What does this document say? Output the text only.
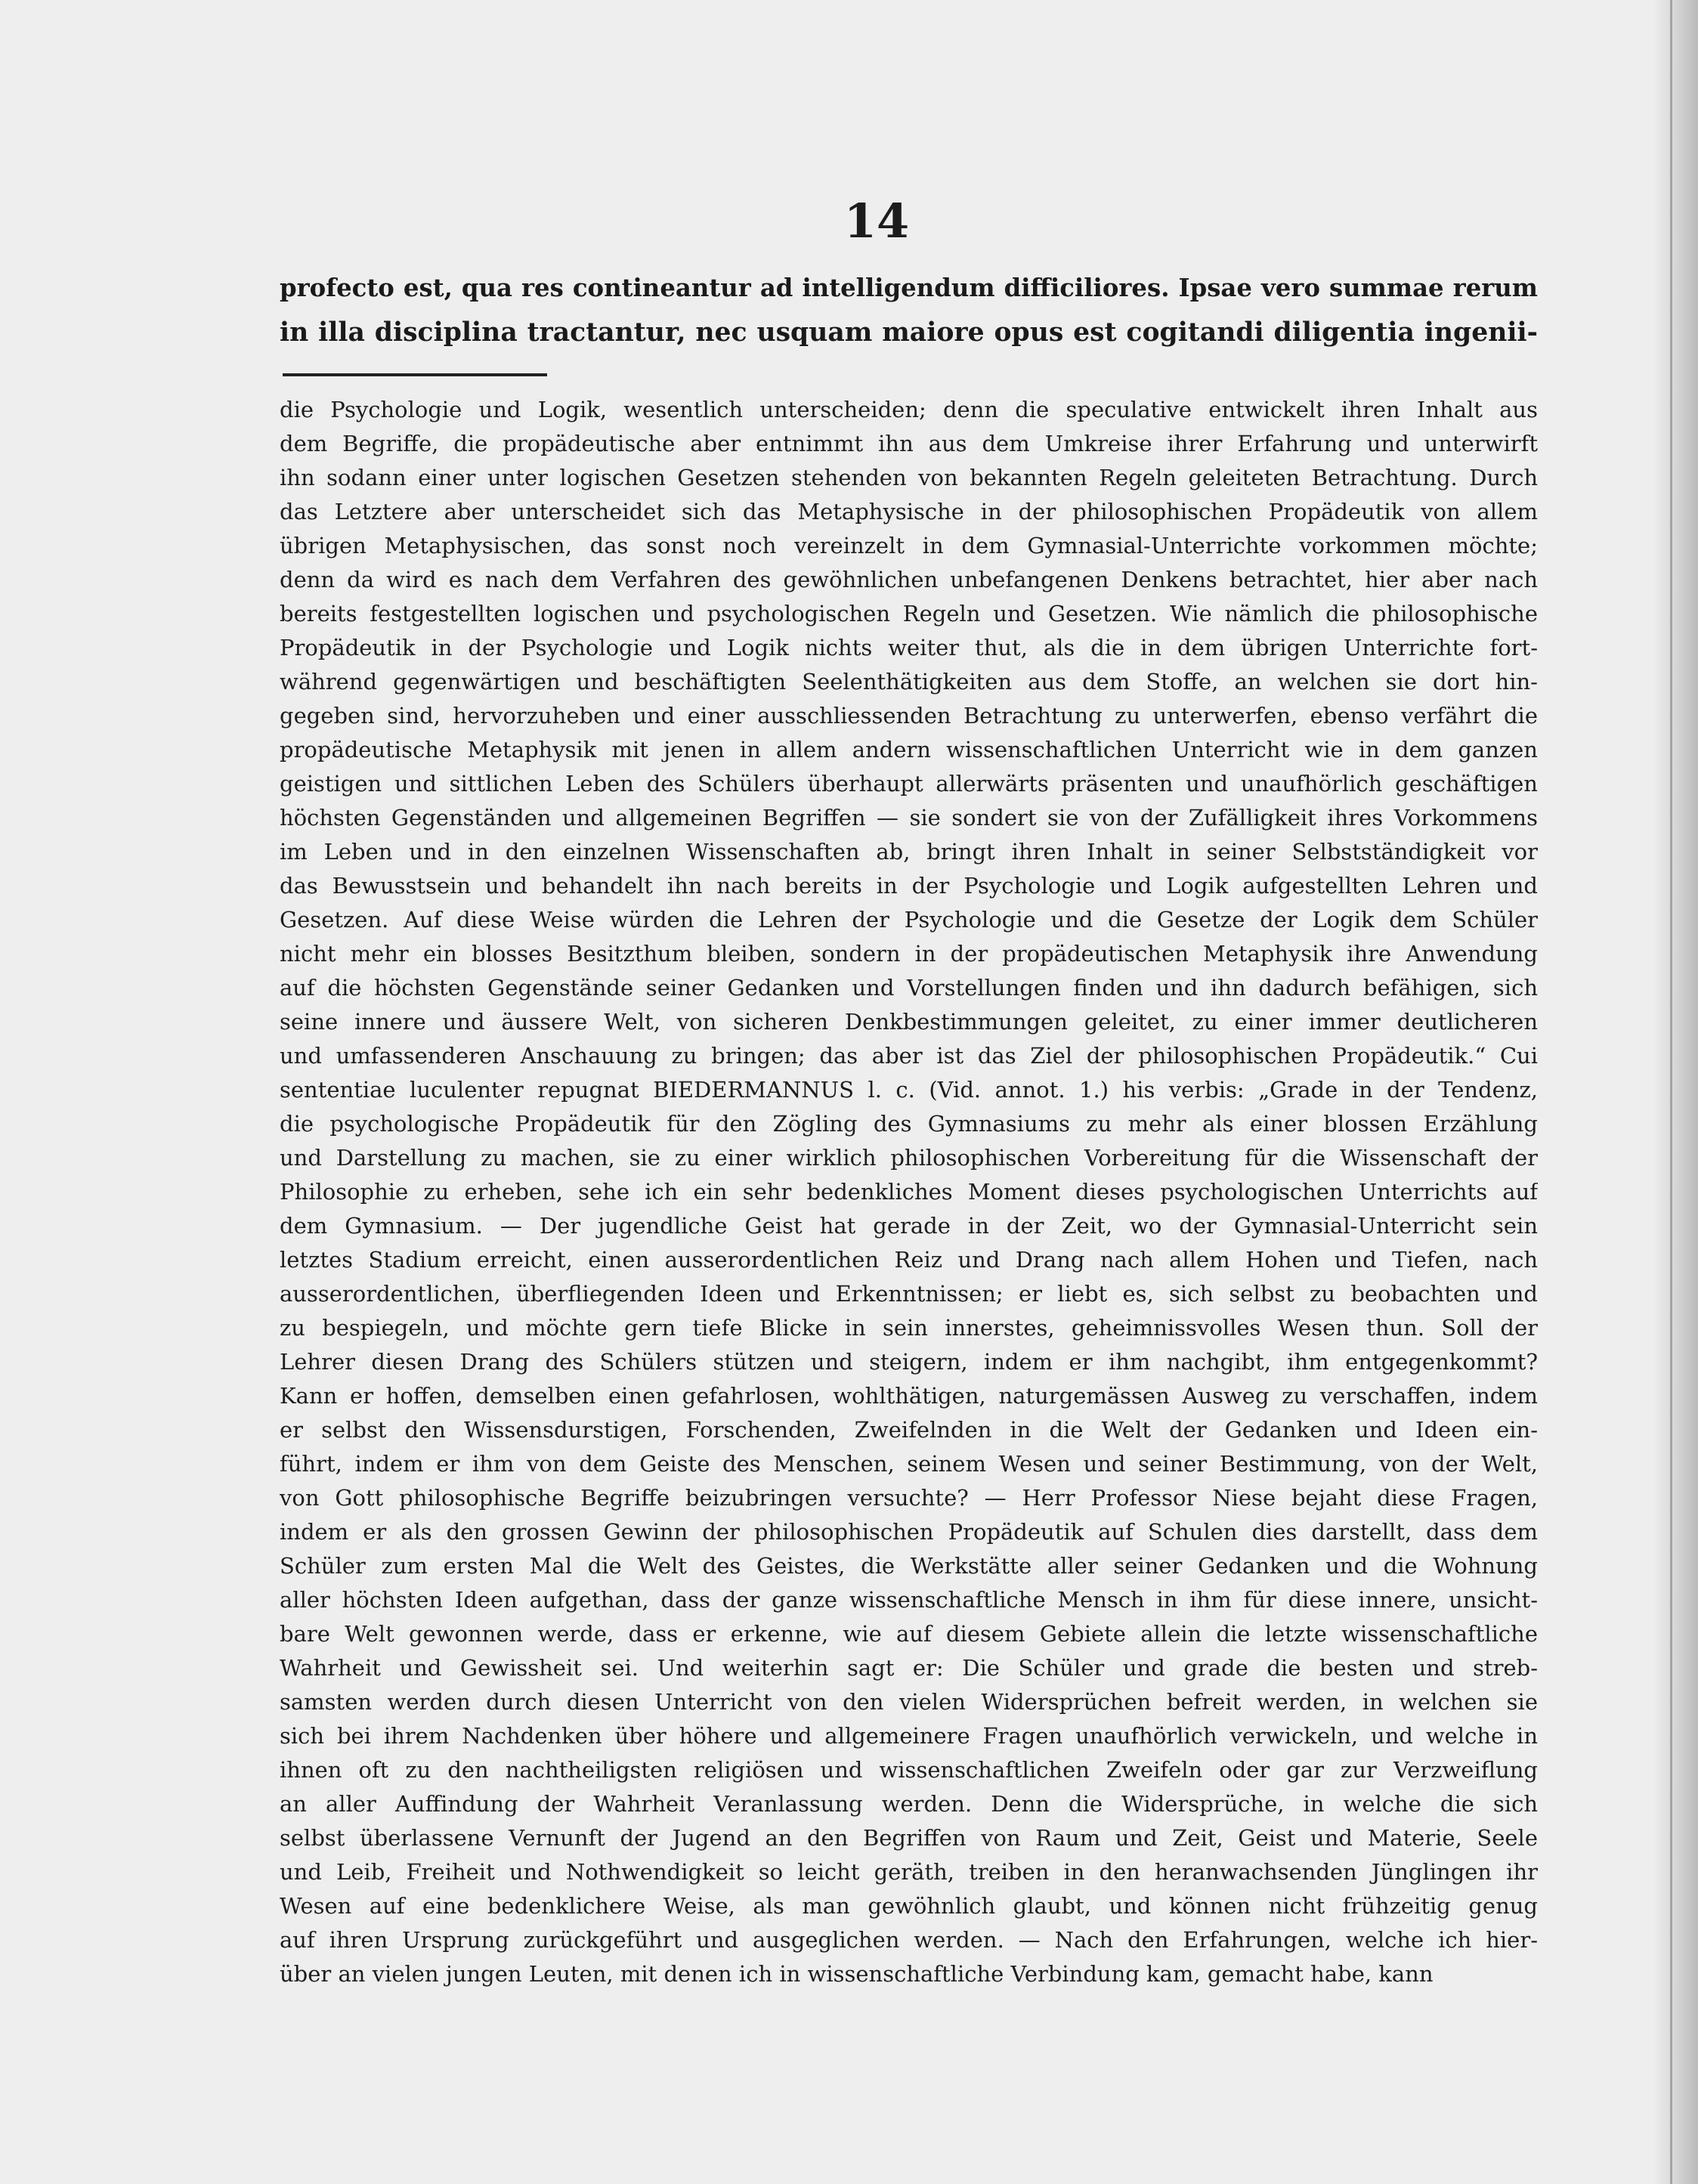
14
profecto est, qua res contineantur ad intelligendum difficiliores. Ipsae vero summae rerum
in illa disciplina tractantur, nec usquam maiore opus est cogitandi diligentia ingenii-
die Psychologie und Logik, wesentlich unterscheiden; denn die speculative entwickelt ihren Inhalt aus
dem Begriffe, die propädeutische aber entnimmt ihn aus dem Umkreise ihrer Erfahrung und unterwirft
ihn sodann einer unter logischen Gesetzen stehenden von bekannten Regeln geleiteten Betrachtung. Durch
das Letztere aber unterscheidet sich das Metaphysische in der philosophischen Propädeutik von allem
übrigen Metaphysischen, das sonst noch vereinzelt in dem Gymnasial-Unterrichte vorkommen möchte;
denn da wird es nach dem Verfahren des gewöhnlichen unbefangenen Denkens betrachtet, hier aber nach
bereits festgestellten logischen und psychologischen Regeln und Gesetzen. Wie nämlich die philosophische
Propädeutik in der Psychologie und Logik nichts weiter thut, als die in dem übrigen Unterrichte fort-
während gegenwärtigen und beschäftigten Seelenthätigkeiten aus dem Stoffe, an welchen sie dort hin-
gegeben sind, hervorzuheben und einer ausschliessenden Betrachtung zu unterwerfen, ebenso verfährt die
propädeutische Metaphysik mit jenen in allem andern wissenschaftlichen Unterricht wie in dem ganzen
geistigen und sittlichen Leben des Schülers überhaupt allerwärts präsenten und unaufhörlich geschäftigen
höchsten Gegenständen und allgemeinen Begriffen — sie sondert sie von der Zufälligkeit ihres Vorkommens
im Leben und in den einzelnen Wissenschaften ab, bringt ihren Inhalt in seiner Selbstständigkeit vor
das Bewusstsein und behandelt ihn nach bereits in der Psychologie und Logik aufgestellten Lehren und
Gesetzen. Auf diese Weise würden die Lehren der Psychologie und die Gesetze der Logik dem Schüler
nicht mehr ein blosses Besitzthum bleiben, sondern in der propädeutischen Metaphysik ihre Anwendung
auf die höchsten Gegenstände seiner Gedanken und Vorstellungen finden und ihn dadurch befähigen, sich
seine innere und äussere Welt, von sicheren Denkbestimmungen geleitet, zu einer immer deutlicheren
und umfassenderen Anschauung zu bringen; das aber ist das Ziel der philosophischen Propädeutik.“ Cui
sententiae luculenter repugnat BIEDERMANNUS l. c. (Vid. annot. 1.) his verbis: „Grade in der Tendenz,
die psychologische Propädeutik für den Zögling des Gymnasiums zu mehr als einer blossen Erzählung
und Darstellung zu machen, sie zu einer wirklich philosophischen Vorbereitung für die Wissenschaft der
Philosophie zu erheben, sehe ich ein sehr bedenkliches Moment dieses psychologischen Unterrichts auf
dem Gymnasium. — Der jugendliche Geist hat gerade in der Zeit, wo der Gymnasial-Unterricht sein
letztes Stadium erreicht, einen ausserordentlichen Reiz und Drang nach allem Hohen und Tiefen, nach
ausserordentlichen, überfliegenden Ideen und Erkenntnissen; er liebt es, sich selbst zu beobachten und
zu bespiegeln, und möchte gern tiefe Blicke in sein innerstes, geheimnissvolles Wesen thun. Soll der
Lehrer diesen Drang des Schülers stützen und steigern, indem er ihm nachgibt, ihm entgegenkommt?
Kann er hoffen, demselben einen gefahrlosen, wohlthätigen, naturgemässen Ausweg zu verschaffen, indem
er selbst den Wissensdurstigen, Forschenden, Zweifelnden in die Welt der Gedanken und Ideen ein-
führt, indem er ihm von dem Geiste des Menschen, seinem Wesen und seiner Bestimmung, von der Welt,
von Gott philosophische Begriffe beizubringen versuchte? — Herr Professor Niese bejaht diese Fragen,
indem er als den grossen Gewinn der philosophischen Propädeutik auf Schulen dies darstellt, dass dem
Schüler zum ersten Mal die Welt des Geistes, die Werkstätte aller seiner Gedanken und die Wohnung
aller höchsten Ideen aufgethan, dass der ganze wissenschaftliche Mensch in ihm für diese innere, unsicht-
bare Welt gewonnen werde, dass er erkenne, wie auf diesem Gebiete allein die letzte wissenschaftliche
Wahrheit und Gewissheit sei. Und weiterhin sagt er: Die Schüler und grade die besten und streb-
samsten werden durch diesen Unterricht von den vielen Widersprüchen befreit werden, in welchen sie
sich bei ihrem Nachdenken über höhere und allgemeinere Fragen unaufhörlich verwickeln, und welche in
ihnen oft zu den nachtheiligsten religiösen und wissenschaftlichen Zweifeln oder gar zur Verzweiflung
an aller Auffindung der Wahrheit Veranlassung werden. Denn die Widersprüche, in welche die sich
selbst überlassene Vernunft der Jugend an den Begriffen von Raum und Zeit, Geist und Materie, Seele
und Leib, Freiheit und Nothwendigkeit so leicht geräth, treiben in den heranwachsenden Jünglingen ihr
Wesen auf eine bedenklichere Weise, als man gewöhnlich glaubt, und können nicht frühzeitig genug
auf ihren Ursprung zurückgeführt und ausgeglichen werden. — Nach den Erfahrungen, welche ich hier-
über an vielen jungen Leuten, mit denen ich in wissenschaftliche Verbindung kam, gemacht habe, kann
